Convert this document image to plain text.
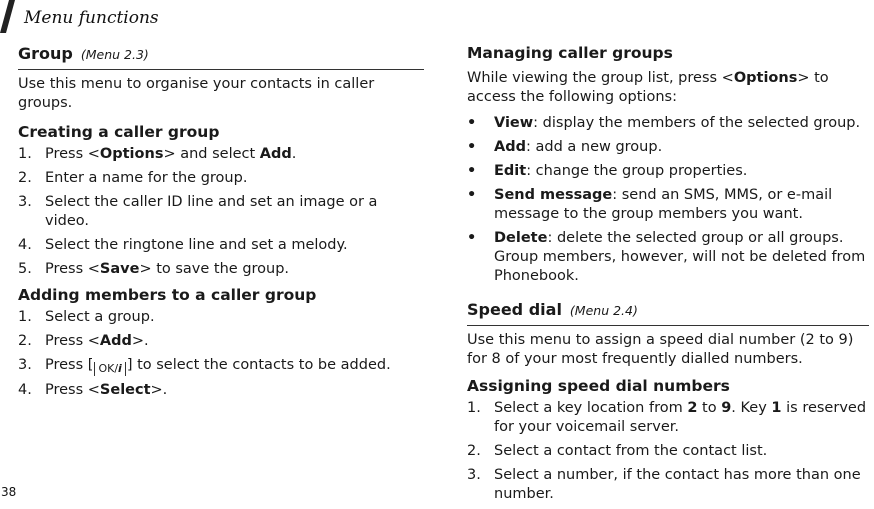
Menu functions
Group (Menu 2.3)

Use this menu to organise your contacts in caller groups.

Creating a caller group
1. Press <Options> and select Add.
2. Enter a name for the group.
3. Select the caller ID line and set an image or a video.
4. Select the ringtone line and set a melody.
5. Press <Save> to save the group.
Adding members to a caller group
1. Select a group.
2. Press <Add>.
3. Press [ OK/i ] to select the contacts to be added.
4. Press <Select>.
Managing caller groups

While viewing the group list, press <Options> to access the following options:

• View: display the members of the selected group.
• Add: add a new group.
• Edit: change the group properties.
• Send message: send an SMS, MMS, or e-mail message to the group members you want.
• Delete: delete the selected group or all groups. Group members, however, will not be deleted from Phonebook.
Speed dial (Menu 2.4)

Use this menu to assign a speed dial number (2 to 9) for 8 of your most frequently dialled numbers.

Assigning speed dial numbers
1. Select a key location from 2 to 9. Key 1 is reserved for your voicemail server.
2. Select a contact from the contact list.
3. Select a number, if the contact has more than one number.
38
